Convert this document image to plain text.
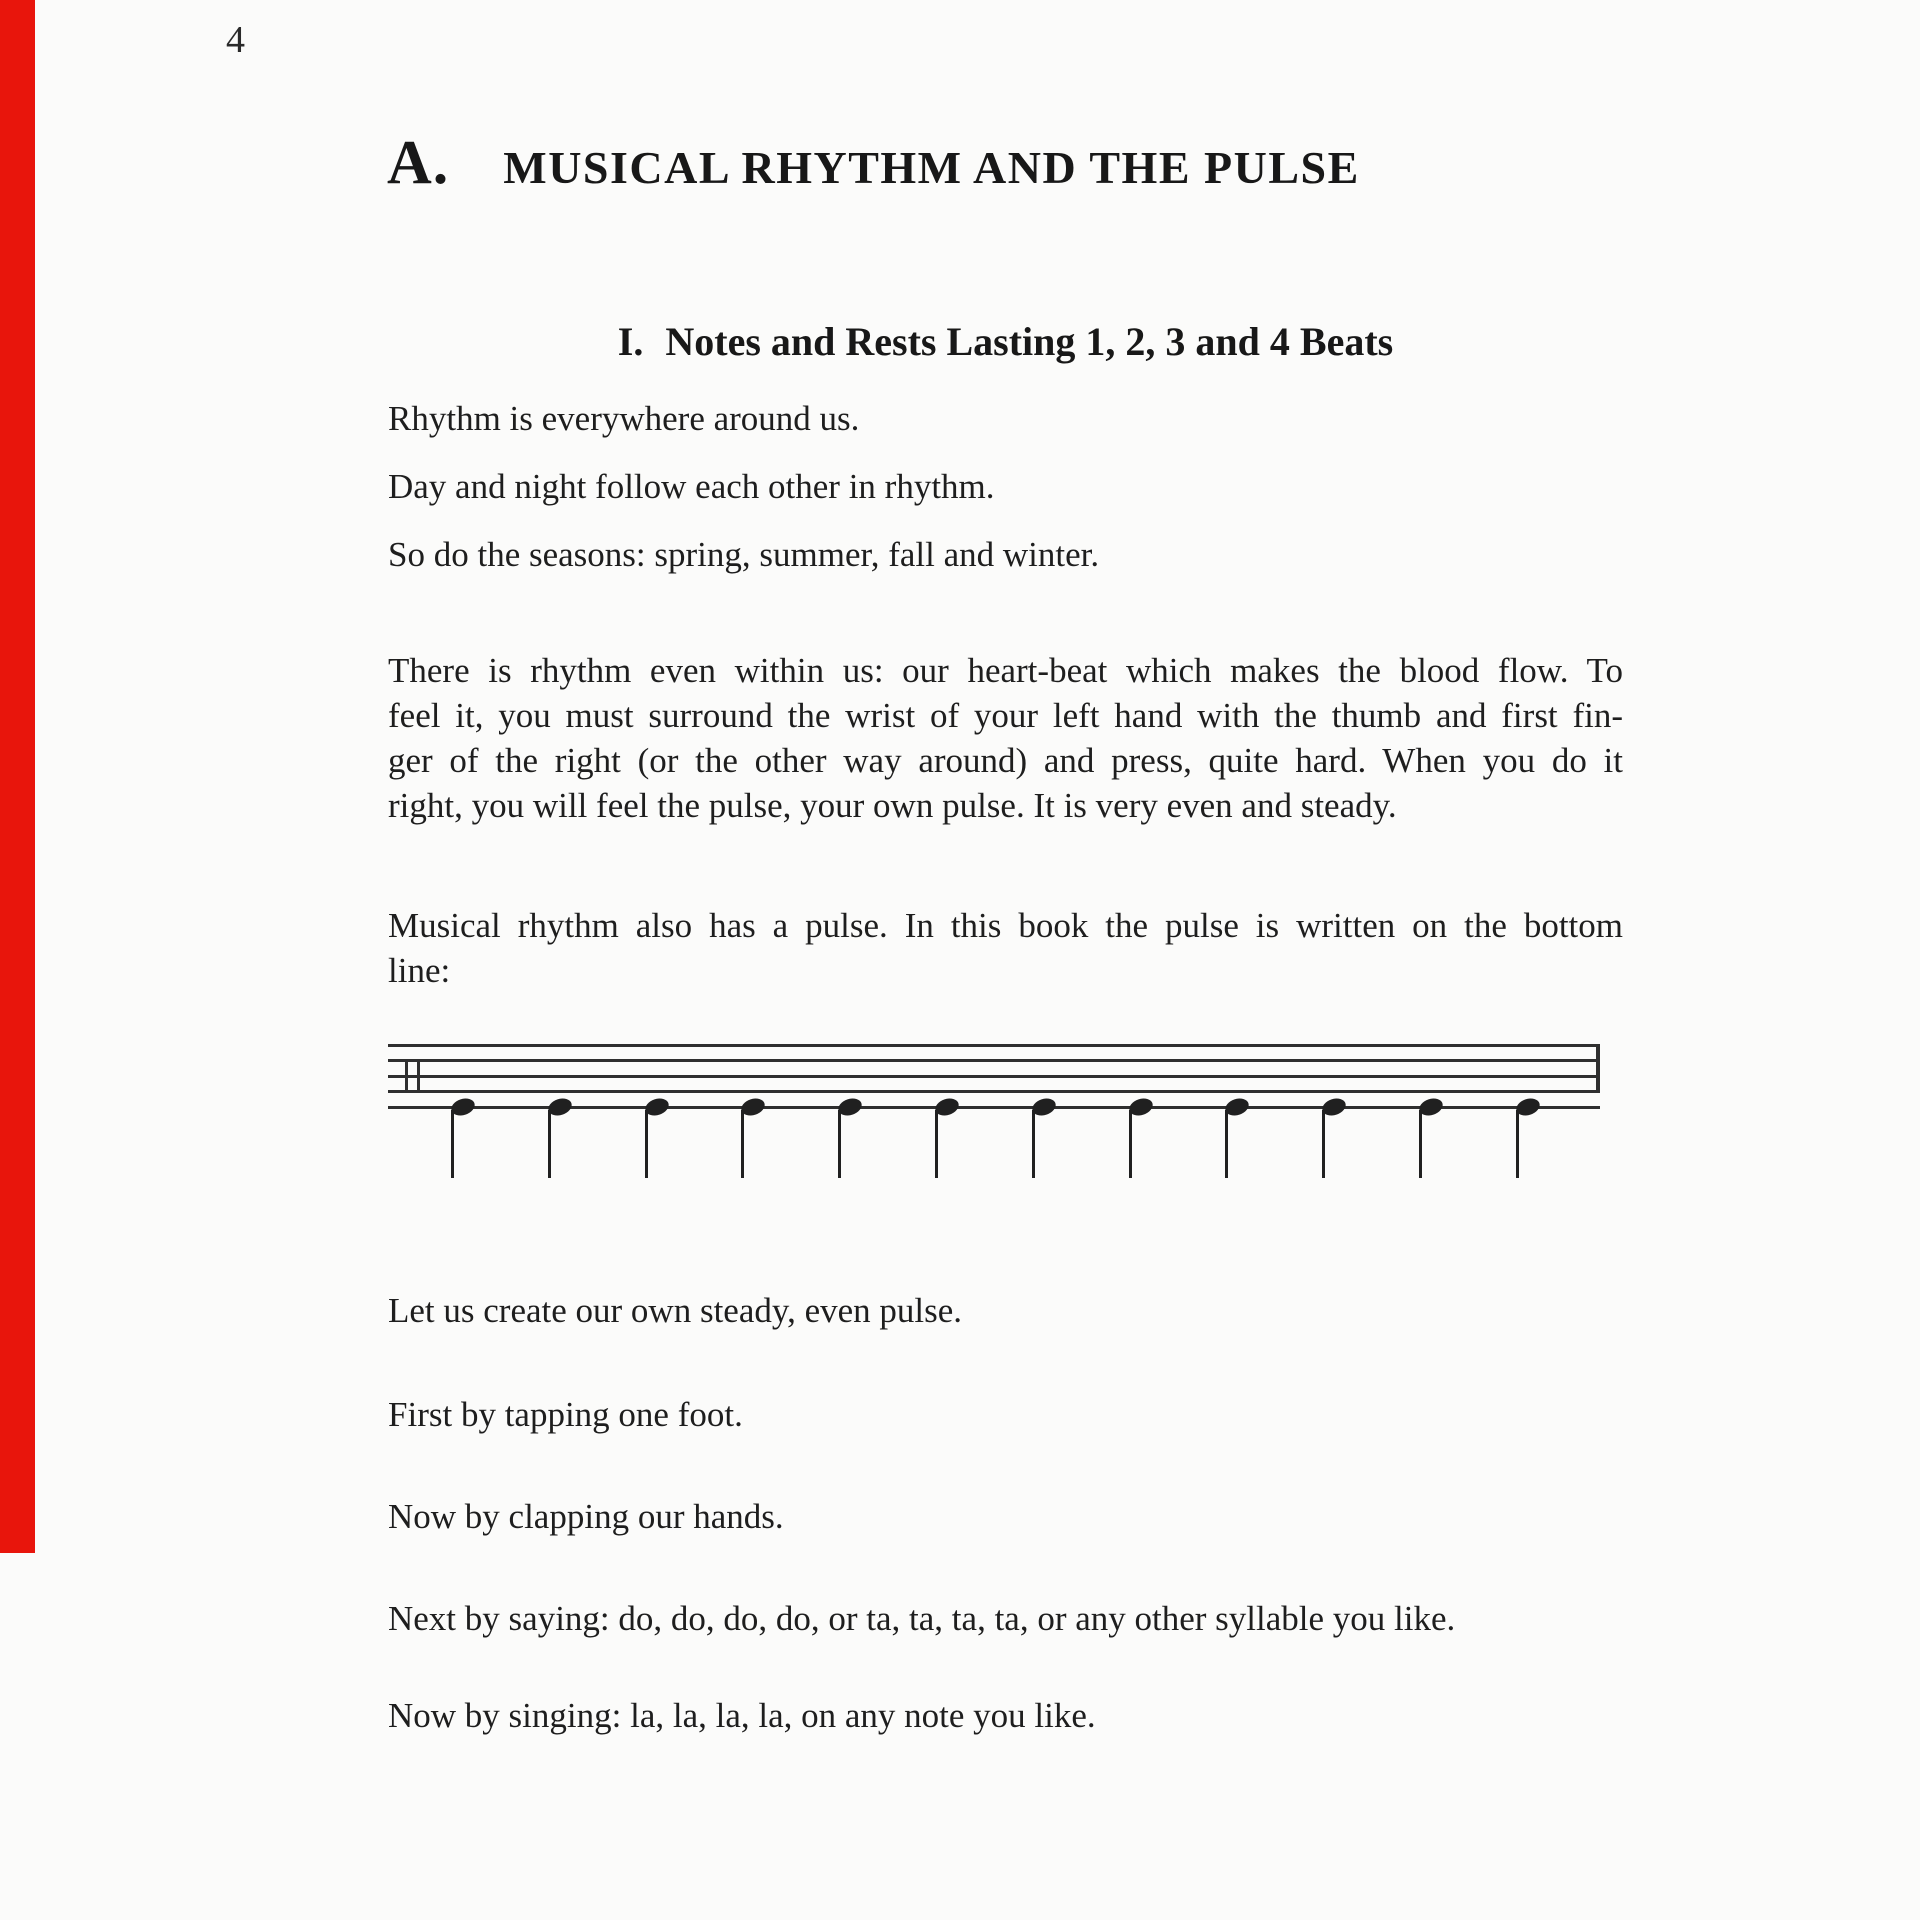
4
A. MUSICAL RHYTHM AND THE PULSE
I. Notes and Rests Lasting 1, 2, 3 and 4 Beats
Rhythm is everywhere around us.
Day and night follow each other in rhythm.
So do the seasons: spring, summer, fall and winter.
There is rhythm even within us: our heart-beat which makes the blood flow. To
feel it, you must surround the wrist of your left hand with the thumb and first fin-
ger of the right (or the other way around) and press, quite hard. When you do it
right, you will feel the pulse, your own pulse. It is very even and steady.
Musical rhythm also has a pulse. In this book the pulse is written on the bottom
line:
Let us create our own steady, even pulse.
First by tapping one foot.
Now by clapping our hands.
Next by saying: do, do, do, do, or ta, ta, ta, ta, or any other syllable you like.
Now by singing: la, la, la, la, on any note you like.
